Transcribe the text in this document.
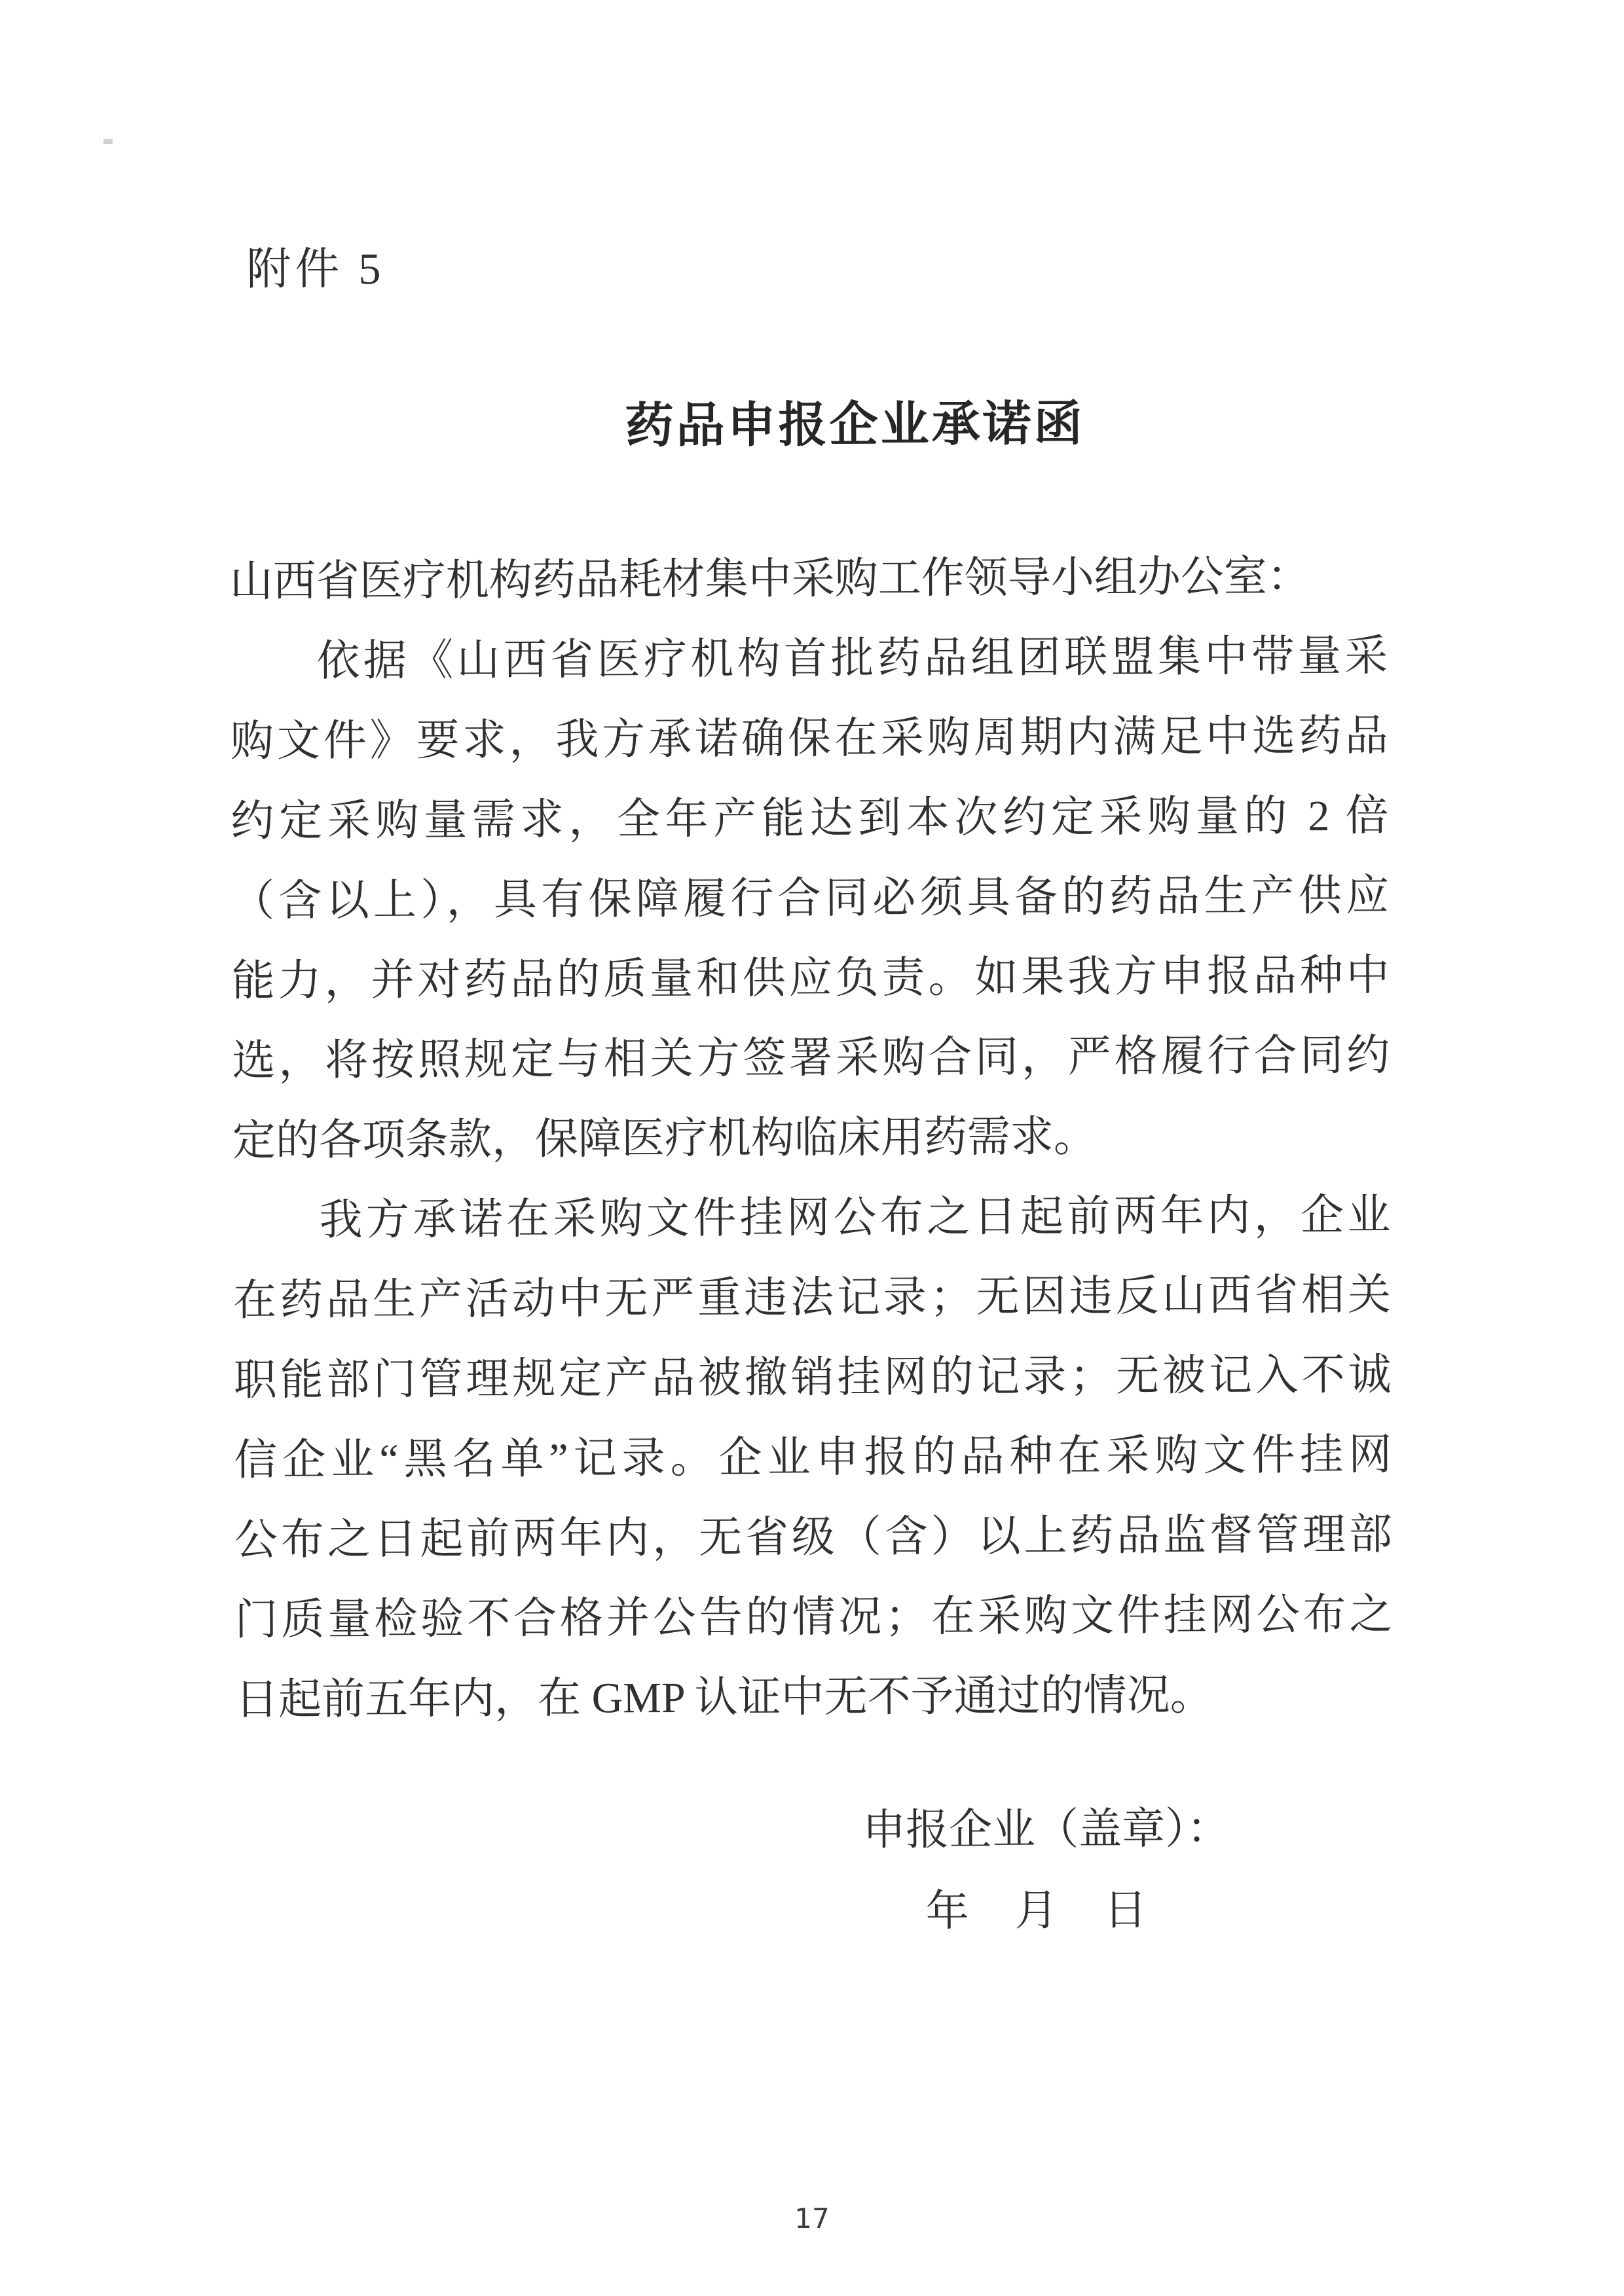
附件 5
药品申报企业承诺函
山西省医疗机构药品耗材集中采购工作领导小组办公室：
依据《山西省医疗机构首批药品组团联盟集中带量采
购文件》要求，我方承诺确保在采购周期内满足中选药品
约定采购量需求，全年产能达到本次约定采购量的 2 倍
（含以上），具有保障履行合同必须具备的药品生产供应
能力，并对药品的质量和供应负责。如果我方申报品种中
选，将按照规定与相关方签署采购合同，严格履行合同约
定的各项条款，保障医疗机构临床用药需求。
我方承诺在采购文件挂网公布之日起前两年内，企业
在药品生产活动中无严重违法记录；无因违反山西省相关
职能部门管理规定产品被撤销挂网的记录；无被记入不诚
信企业“黑名单”记录。企业申报的品种在采购文件挂网
公布之日起前两年内，无省级（含）以上药品监督管理部
门质量检验不合格并公告的情况；在采购文件挂网公布之
日起前五年内，在 GMP 认证中无不予通过的情况。
申报企业（盖章）：
年　月　日
17
